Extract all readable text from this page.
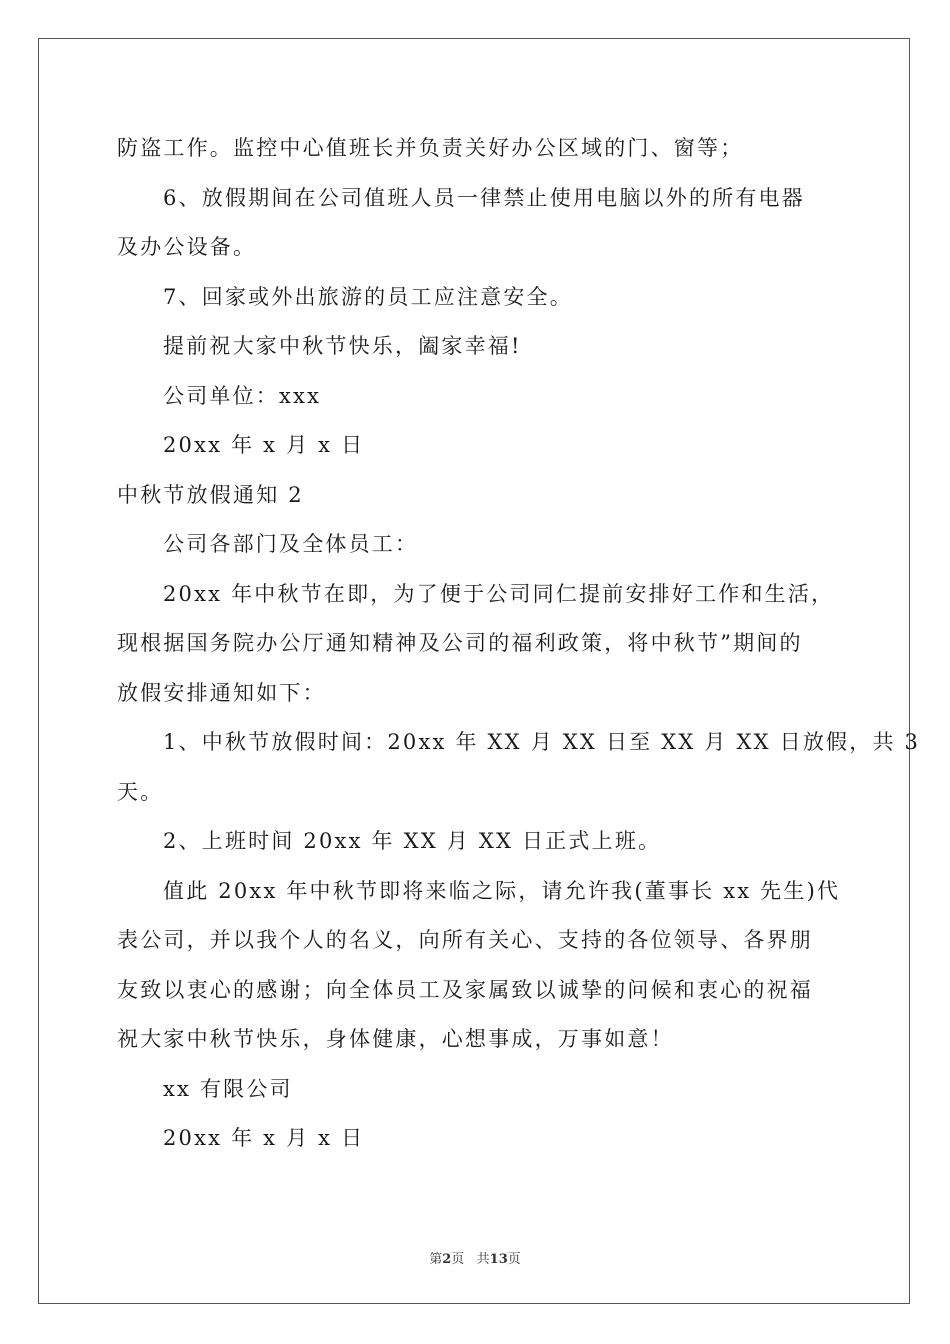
防盗工作。监控中心值班长并负责关好办公区域的门、窗等；
6、放假期间在公司值班人员一律禁止使用电脑以外的所有电器
及办公设备。
7、回家或外出旅游的员工应注意安全。
提前祝大家中秋节快乐，阖家幸福!
公司单位：xxx
20xx 年 x 月 x 日
中秋节放假通知 2
公司各部门及全体员工：
20xx 年中秋节在即，为了便于公司同仁提前安排好工作和生活，
现根据国务院办公厅通知精神及公司的福利政策，将中秋节”期间的
放假安排通知如下：
1、中秋节放假时间：20xx 年 XX 月 XX 日至 XX 月 XX 日放假，共 3
天。
2、上班时间 20xx 年 XX 月 XX 日正式上班。
值此 20xx 年中秋节即将来临之际，请允许我(董事长 xx 先生)代
表公司，并以我个人的名义，向所有关心、支持的各位领导、各界朋
友致以衷心的感谢；向全体员工及家属致以诚挚的问候和衷心的祝福
祝大家中秋节快乐，身体健康，心想事成，万事如意！
xx 有限公司
20xx 年 x 月 x 日
第2页   共13页
